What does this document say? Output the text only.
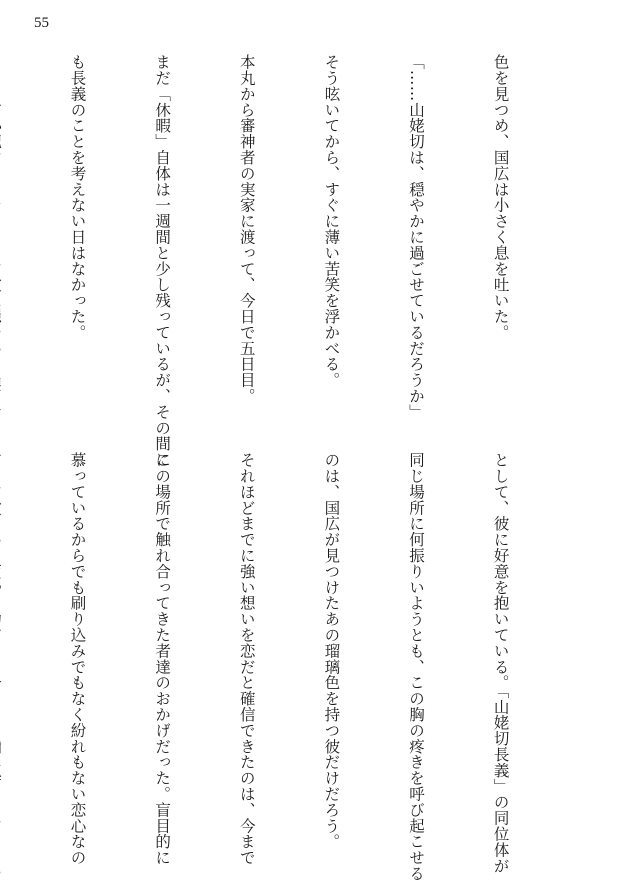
55

色を見つめ、国広は小さく息を吐いた。

「……山姥切は、穏やかに過ごせているだろうか」

そう呟いてから、すぐに薄い苦笑を浮かべる。

本丸から審神者の実家に渡って、今日で五日目。

まだ「休暇」自体は一週間と少し残っているが、その間に

も長義のことを考えない日はなかった。

として、彼に好意を抱いている。「山姥切長義」の同位体が

同じ場所に何振りいようとも、この胸の疼きを呼び起こせる

のは、国広が見つけたあの瑠璃色を持つ彼だけだろう。

それほどまでに強い想いを恋だと確信できたのは、今まで

この場所で触れ合ってきた者達のおかげだった。盲目的に

慕っているからでも刷り込みでもなく紛れもない恋心なの
